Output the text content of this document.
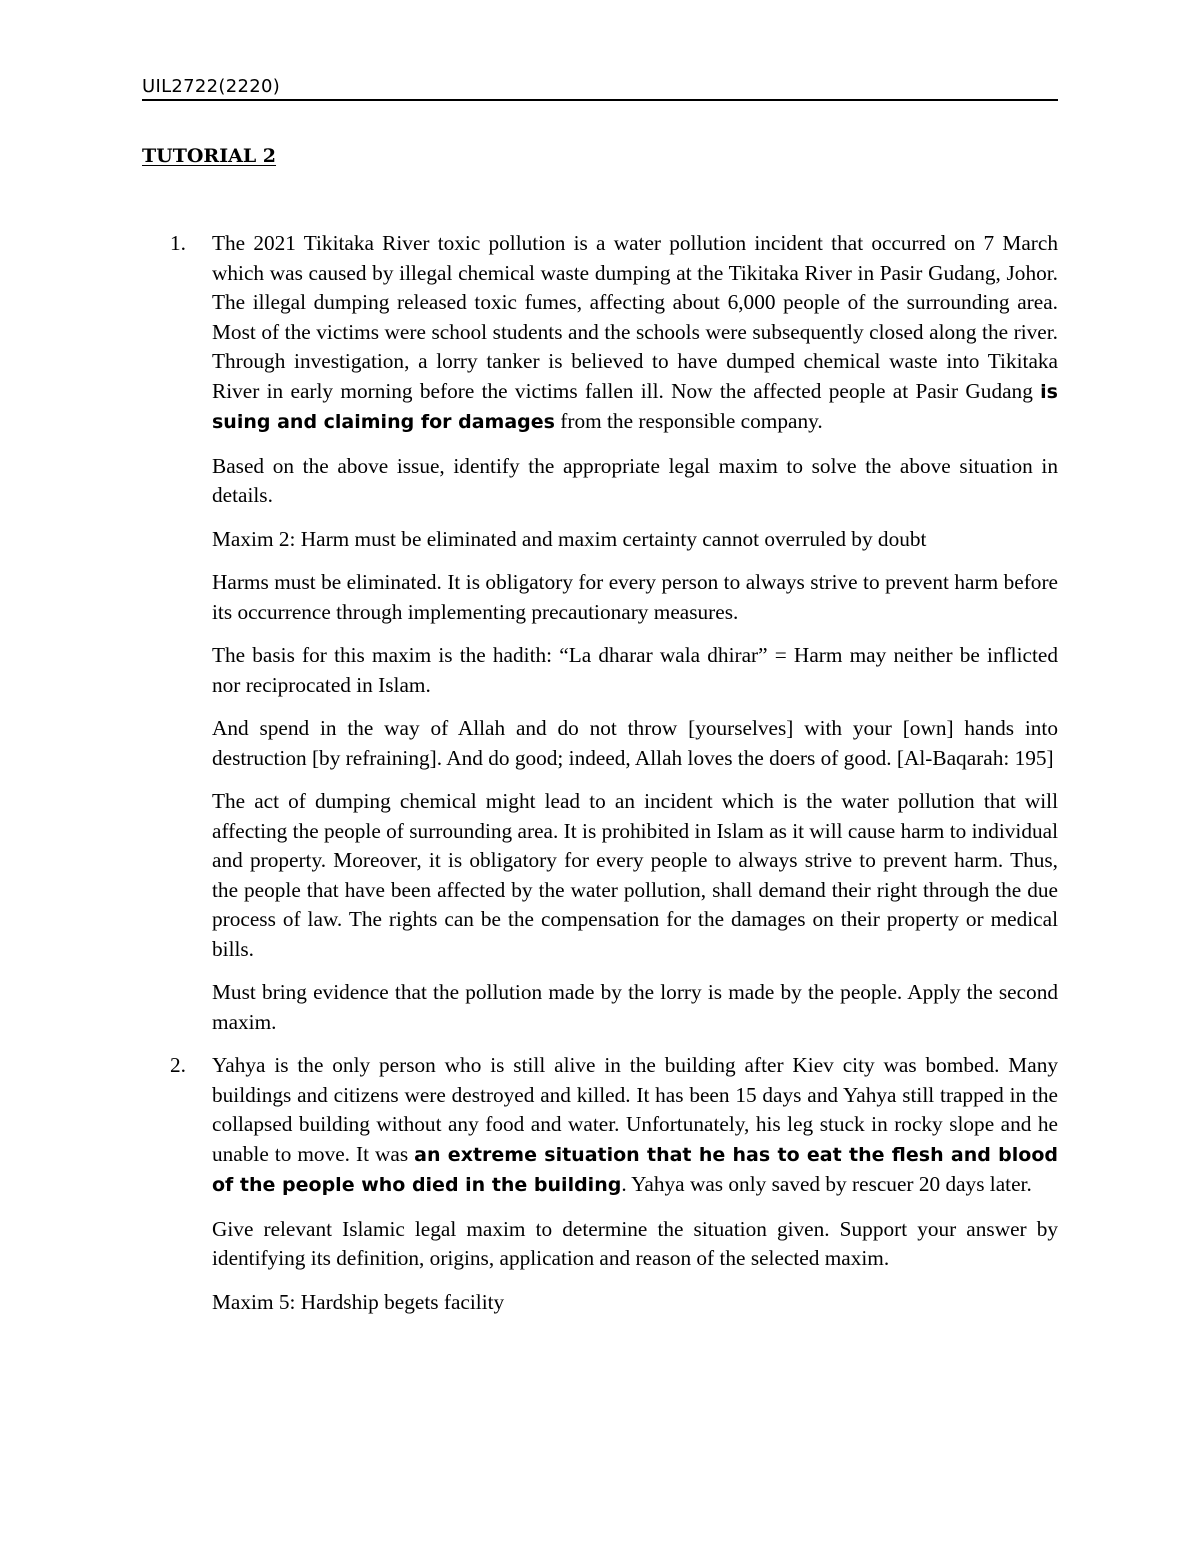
UIL2722(2220)
TUTORIAL 2
1. The 2021 Tikitaka River toxic pollution is a water pollution incident that occurred on 7 March which was caused by illegal chemical waste dumping at the Tikitaka River in Pasir Gudang, Johor. The illegal dumping released toxic fumes, affecting about 6,000 people of the surrounding area. Most of the victims were school students and the schools were subsequently closed along the river. Through investigation, a lorry tanker is believed to have dumped chemical waste into Tikitaka River in early morning before the victims fallen ill. Now the affected people at Pasir Gudang is suing and claiming for damages from the responsible company.

Based on the above issue, identify the appropriate legal maxim to solve the above situation in details.

Maxim 2: Harm must be eliminated and maxim certainty cannot overruled by doubt

Harms must be eliminated. It is obligatory for every person to always strive to prevent harm before its occurrence through implementing precautionary measures.

The basis for this maxim is the hadith: “La dharar wala dhirar” = Harm may neither be inflicted nor reciprocated in Islam.

And spend in the way of Allah and do not throw [yourselves] with your [own] hands into destruction [by refraining]. And do good; indeed, Allah loves the doers of good. [Al-Baqarah: 195]

The act of dumping chemical might lead to an incident which is the water pollution that will affecting the people of surrounding area. It is prohibited in Islam as it will cause harm to individual and property. Moreover, it is obligatory for every people to always strive to prevent harm. Thus, the people that have been affected by the water pollution, shall demand their right through the due process of law. The rights can be the compensation for the damages on their property or medical bills.

Must bring evidence that the pollution made by the lorry is made by the people. Apply the second maxim.

2. Yahya is the only person who is still alive in the building after Kiev city was bombed. Many buildings and citizens were destroyed and killed. It has been 15 days and Yahya still trapped in the collapsed building without any food and water. Unfortunately, his leg stuck in rocky slope and he unable to move. It was an extreme situation that he has to eat the flesh and blood of the people who died in the building. Yahya was only saved by rescuer 20 days later.

Give relevant Islamic legal maxim to determine the situation given. Support your answer by identifying its definition, origins, application and reason of the selected maxim.

Maxim 5: Hardship begets facility
